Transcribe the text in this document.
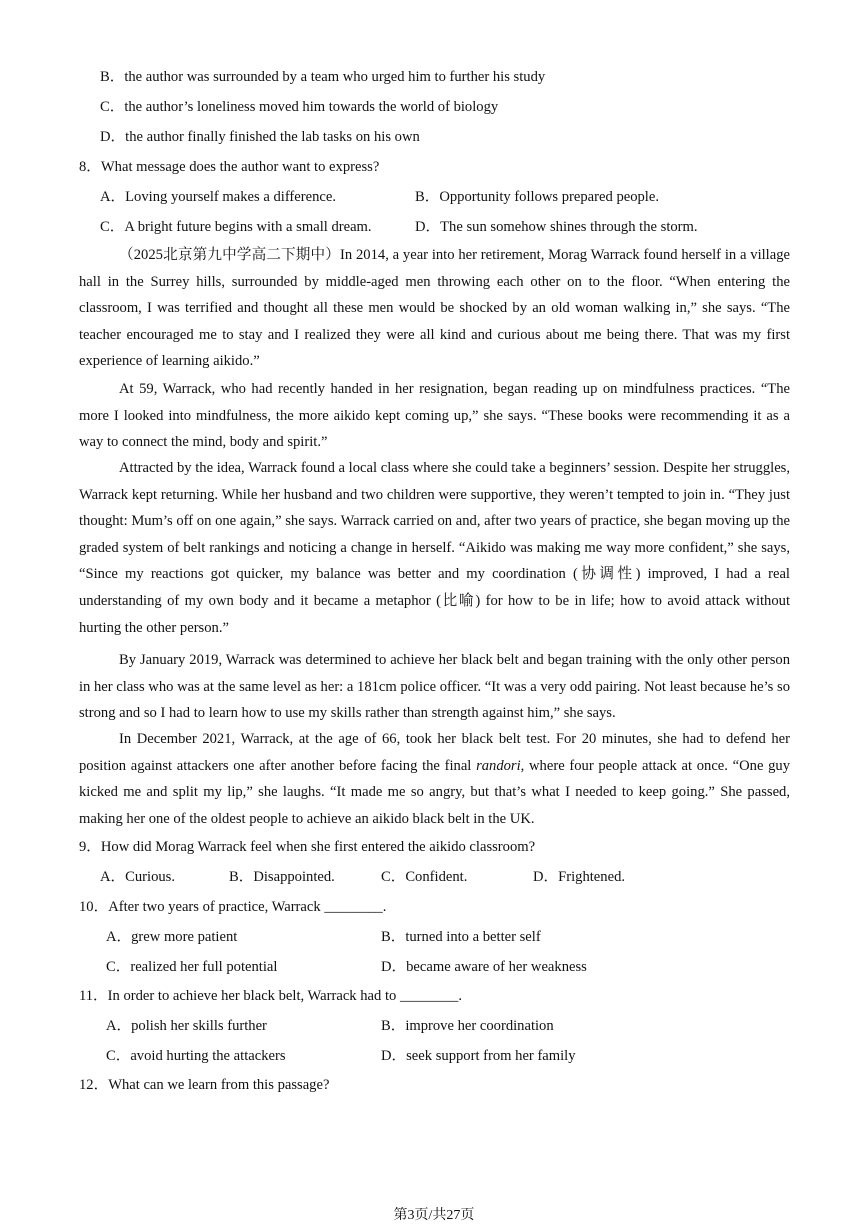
B．the author was surrounded by a team who urged him to further his study
C．the author’s loneliness moved him towards the world of biology
D．the author finally finished the lab tasks on his own
8．What message does the author want to express?
A．Loving yourself makes a difference.	B．Opportunity follows prepared people.
C．A bright future begins with a small dream.	D．The sun somehow shines through the storm.

（2025北京第九中学高二下期中）In 2014, a year into her retirement, Morag Warrack found herself in a village hall in the Surrey hills, surrounded by middle-aged men throwing each other on to the floor. “When entering the classroom, I was terrified and thought all these men would be shocked by an old woman walking in,” she says. “The teacher encouraged me to stay and I realized they were all kind and curious about me being there. That was my first experience of learning aikido.”

At 59, Warrack, who had recently handed in her resignation, began reading up on mindfulness practices. “The more I looked into mindfulness, the more aikido kept coming up,” she says. “These books were recommending it as a way to connect the mind, body and spirit.”

Attracted by the idea, Warrack found a local class where she could take a beginners’ session. Despite her struggles, Warrack kept returning. While her husband and two children were supportive, they weren’t tempted to join in. “They just thought: Mum’s off on one again,” she says. Warrack carried on and, after two years of practice, she began moving up the graded system of belt rankings and noticing a change in herself. “Aikido was making me way more confident,” she says, “Since my reactions got quicker, my balance was better and my coordination (协调性) improved, I had a real understanding of my own body and it became a metaphor (比喻) for how to be in life; how to avoid attack without hurting the other person.”

By January 2019, Warrack was determined to achieve her black belt and began training with the only other person in her class who was at the same level as her: a 181cm police officer. “It was a very odd pairing. Not least because he’s so strong and so I had to learn how to use my skills rather than strength against him,” she says.

In December 2021, Warrack, at the age of 66, took her black belt test. For 20 minutes, she had to defend her position against attackers one after another before facing the final randori, where four people attack at once. “One guy kicked me and split my lip,” she laughs. “It made me so angry, but that’s what I needed to keep going.” She passed, making her one of the oldest people to achieve an aikido black belt in the UK.

9．How did Morag Warrack feel when she first entered the aikido classroom?
A．Curious.	B．Disappointed.	C．Confident.	D．Frightened.
10．After two years of practice, Warrack ________.
A．grew more patient	B．turned into a better self
C．realized her full potential	D．became aware of her weakness
11．In order to achieve her black belt, Warrack had to ________.
A．polish her skills further	B．improve her coordination
C．avoid hurting the attackers	D．seek support from her family
12．What can we learn from this passage?
第3页/共27页
